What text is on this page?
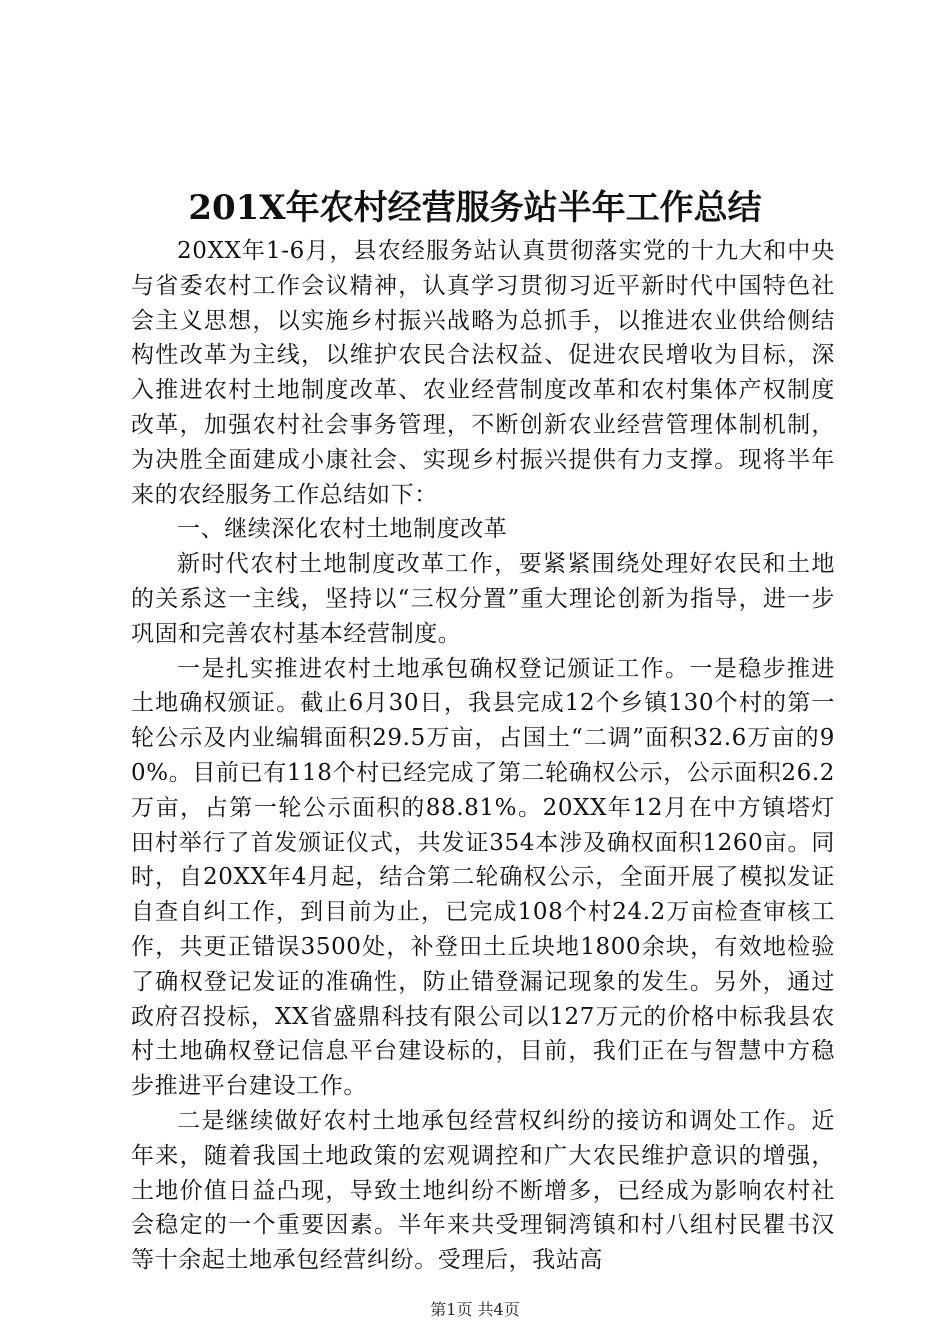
201X年农村经营服务站半年工作总结

20XX年1-6月，县农经服务站认真贯彻落实党的十九大和中央与省委农村工作会议精神，认真学习贯彻习近平新时代中国特色社会主义思想，以实施乡村振兴战略为总抓手，以推进农业供给侧结构性改革为主线，以维护农民合法权益、促进农民增收为目标，深入推进农村土地制度改革、农业经营制度改革和农村集体产权制度改革，加强农村社会事务管理，不断创新农业经营管理体制机制，为决胜全面建成小康社会、实现乡村振兴提供有力支撑。现将半年来的农经服务工作总结如下：

一、继续深化农村土地制度改革

新时代农村土地制度改革工作，要紧紧围绕处理好农民和土地的关系这一主线，坚持以“三权分置”重大理论创新为指导，进一步巩固和完善农村基本经营制度。

一是扎实推进农村土地承包确权登记颁证工作。一是稳步推进土地确权颁证。截止6月30日，我县完成12个乡镇130个村的第一轮公示及内业编辑面积29.5万亩，占国土“二调”面积32.6万亩的90%。目前已有118个村已经完成了第二轮确权公示，公示面积26.2万亩，占第一轮公示面积的88.81%。20XX年12月在中方镇塔灯田村举行了首发颁证仪式，共发证354本涉及确权面积1260亩。同时，自20XX年4月起，结合第二轮确权公示，全面开展了模拟发证自查自纠工作，到目前为止，已完成108个村24.2万亩检查审核工作，共更正错误3500处，补登田土丘块地1800余块，有效地检验了确权登记发证的准确性，防止错登漏记现象的发生。另外，通过政府召投标，XX省盛鼎科技有限公司以127万元的价格中标我县农村土地确权登记信息平台建设标的，目前，我们正在与智慧中方稳步推进平台建设工作。

二是继续做好农村土地承包经营权纠纷的接访和调处工作。近年来，随着我国土地政策的宏观调控和广大农民维护意识的增强，土地价值日益凸现，导致土地纠纷不断增多，已经成为影响农村社会稳定的一个重要因素。半年来共受理铜湾镇和村八组村民瞿书汉等十余起土地承包经营纠纷。受理后，我站高

第1页 共4页
